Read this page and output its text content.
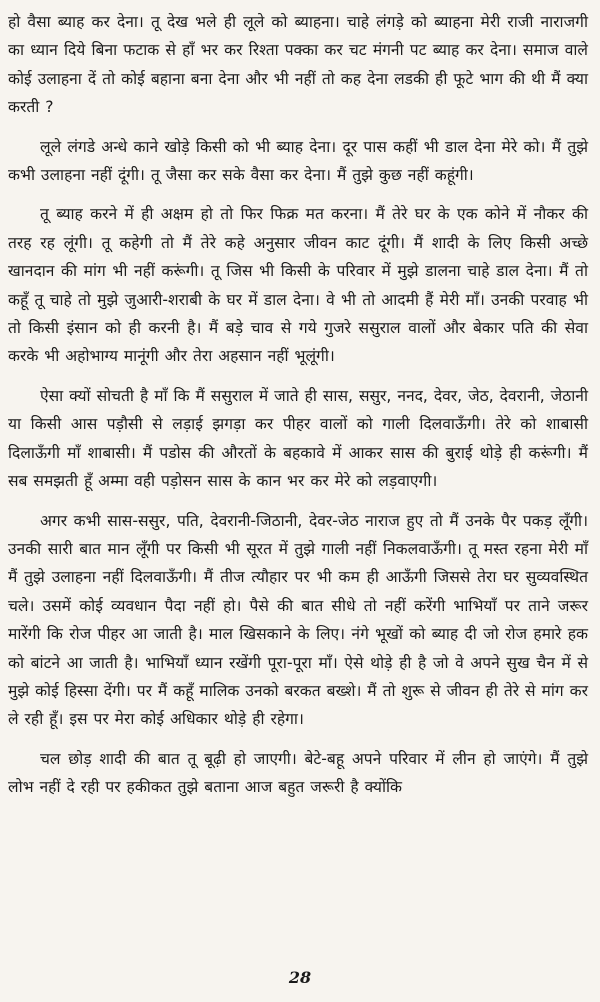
हो वैसा ब्याह कर देना। तू देख भले ही लूले को ब्याहना। चाहे लंगड़े को ब्याहना मेरी राजी नाराजगी का ध्यान दिये बिना फटाक से हाँ भर कर रिश्ता पक्का कर चट मंगनी पट ब्याह कर देना। समाज वाले कोई उलाहना दें तो कोई बहाना बना देना और भी नहीं तो कह देना लडकी ही फूटे भाग की थी मैं क्या करती ?

लूले लंगडे अन्धे काने खोड़े किसी को भी ब्याह देना। दूर पास कहीं भी डाल देना मेरे को। मैं तुझे कभी उलाहना नहीं दूंगी। तू जैसा कर सके वैसा कर देना। मैं तुझे कुछ नहीं कहूंगी।

तू ब्याह करने में ही अक्षम हो तो फिर फिक्र मत करना। मैं तेरे घर के एक कोने में नौकर की तरह रह लूंगी। तू कहेगी तो मैं तेरे कहे अनुसार जीवन काट दूंगी। मैं शादी के लिए किसी अच्छे खानदान की मांग भी नहीं करूंगी। तू जिस भी किसी के परिवार में मुझे डालना चाहे डाल देना। मैं तो कहूँ तू चाहे तो मुझे जुआरी-शराबी के घर में डाल देना। वे भी तो आदमी हैं मेरी माँ। उनकी परवाह भी तो किसी इंसान को ही करनी है। मैं बड़े चाव से गये गुजरे ससुराल वालों और बेकार पति की सेवा करके भी अहोभाग्य मानूंगी और तेरा अहसान नहीं भूलूंगी।

ऐसा क्यों सोचती है माँ कि मैं ससुराल में जाते ही सास, ससुर, ननद, देवर, जेठ, देवरानी, जेठानी या किसी आस पड़ौसी से लड़ाई झगड़ा कर पीहर वालों को गाली दिलवाऊँगी। तेरे को शाबासी दिलाऊँगी माँ शाबासी। मैं पडोस की औरतों के बहकावे में आकर सास की बुराई थोड़े ही करूंगी। मैं सब समझती हूँ अम्मा वही पड़ोसन सास के कान भर कर मेरे को लड़वाएगी।

अगर कभी सास-ससुर, पति, देवरानी-जिठानी, देवर-जेठ नाराज हुए तो मैं उनके पैर पकड़ लूँगी। उनकी सारी बात मान लूँगी पर किसी भी सूरत में तुझे गाली नहीं निकलवाऊँगी। तू मस्त रहना मेरी माँ मैं तुझे उलाहना नहीं दिलवाऊँगी। मैं तीज त्यौहार पर भी कम ही आऊँगी जिससे तेरा घर सुव्यवस्थित चले। उसमें कोई व्यवधान पैदा नहीं हो। पैसे की बात सीधे तो नहीं करेंगी भाभियाँ पर ताने जरूर मारेंगी कि रोज पीहर आ जाती है। माल खिसकाने के लिए। नंगे भूखों को ब्याह दी जो रोज हमारे हक को बांटने आ जाती है। भाभियाँ ध्यान रखेंगी पूरा-पूरा माँ। ऐसे थोड़े ही है जो वे अपने सुख चैन में से मुझे कोई हिस्सा देंगी। पर मैं कहूँ मालिक उनको बरकत बख्शे। मैं तो शुरू से जीवन ही तेरे से मांग कर ले रही हूँ। इस पर मेरा कोई अधिकार थोड़े ही रहेगा।

चल छोड़ शादी की बात तू बूढ़ी हो जाएगी। बेटे-बहू अपने परिवार में लीन हो जाएंगे। मैं तुझे लोभ नहीं दे रही पर हकीकत तुझे बताना आज बहुत जरूरी है क्योंकि

28
